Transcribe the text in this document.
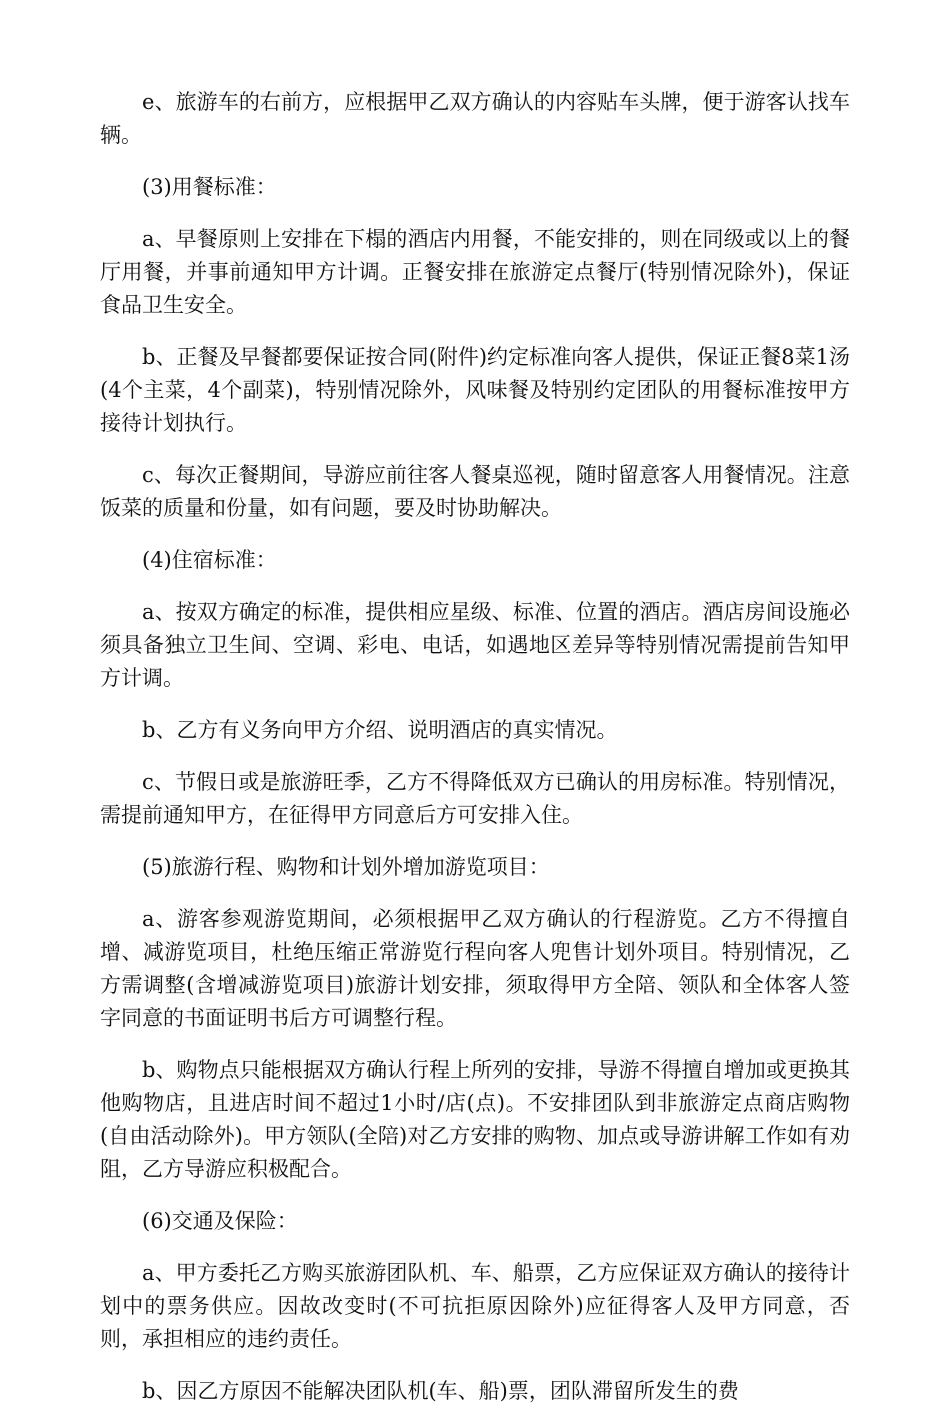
e、旅游车的右前方，应根据甲乙双方确认的内容贴车头牌，便于游客认找车辆。

(3)用餐标准：

a、早餐原则上安排在下榻的酒店内用餐，不能安排的，则在同级或以上的餐厅用餐，并事前通知甲方计调。正餐安排在旅游定点餐厅(特别情况除外)，保证食品卫生安全。

b、正餐及早餐都要保证按合同(附件)约定标准向客人提供，保证正餐8菜1汤(4个主菜，4个副菜)，特别情况除外，风味餐及特别约定团队的用餐标准按甲方接待计划执行。

c、每次正餐期间，导游应前往客人餐桌巡视，随时留意客人用餐情况。注意饭菜的质量和份量，如有问题，要及时协助解决。

(4)住宿标准：

a、按双方确定的标准，提供相应星级、标准、位置的酒店。酒店房间设施必须具备独立卫生间、空调、彩电、电话，如遇地区差异等特别情况需提前告知甲方计调。

b、乙方有义务向甲方介绍、说明酒店的真实情况。

c、节假日或是旅游旺季，乙方不得降低双方已确认的用房标准。特别情况，需提前通知甲方，在征得甲方同意后方可安排入住。

(5)旅游行程、购物和计划外增加游览项目：

a、游客参观游览期间，必须根据甲乙双方确认的行程游览。乙方不得擅自增、减游览项目，杜绝压缩正常游览行程向客人兜售计划外项目。特别情况，乙方需调整(含增减游览项目)旅游计划安排，须取得甲方全陪、领队和全体客人签字同意的书面证明书后方可调整行程。

b、购物点只能根据双方确认行程上所列的安排，导游不得擅自增加或更换其他购物店，且进店时间不超过1小时/店(点)。不安排团队到非旅游定点商店购物(自由活动除外)。甲方领队(全陪)对乙方安排的购物、加点或导游讲解工作如有劝阻，乙方导游应积极配合。

(6)交通及保险：

a、甲方委托乙方购买旅游团队机、车、船票，乙方应保证双方确认的接待计划中的票务供应。因故改变时(不可抗拒原因除外)应征得客人及甲方同意，否则，承担相应的违约责任。

b、因乙方原因不能解决团队机(车、船)票，团队滞留所发生的费
